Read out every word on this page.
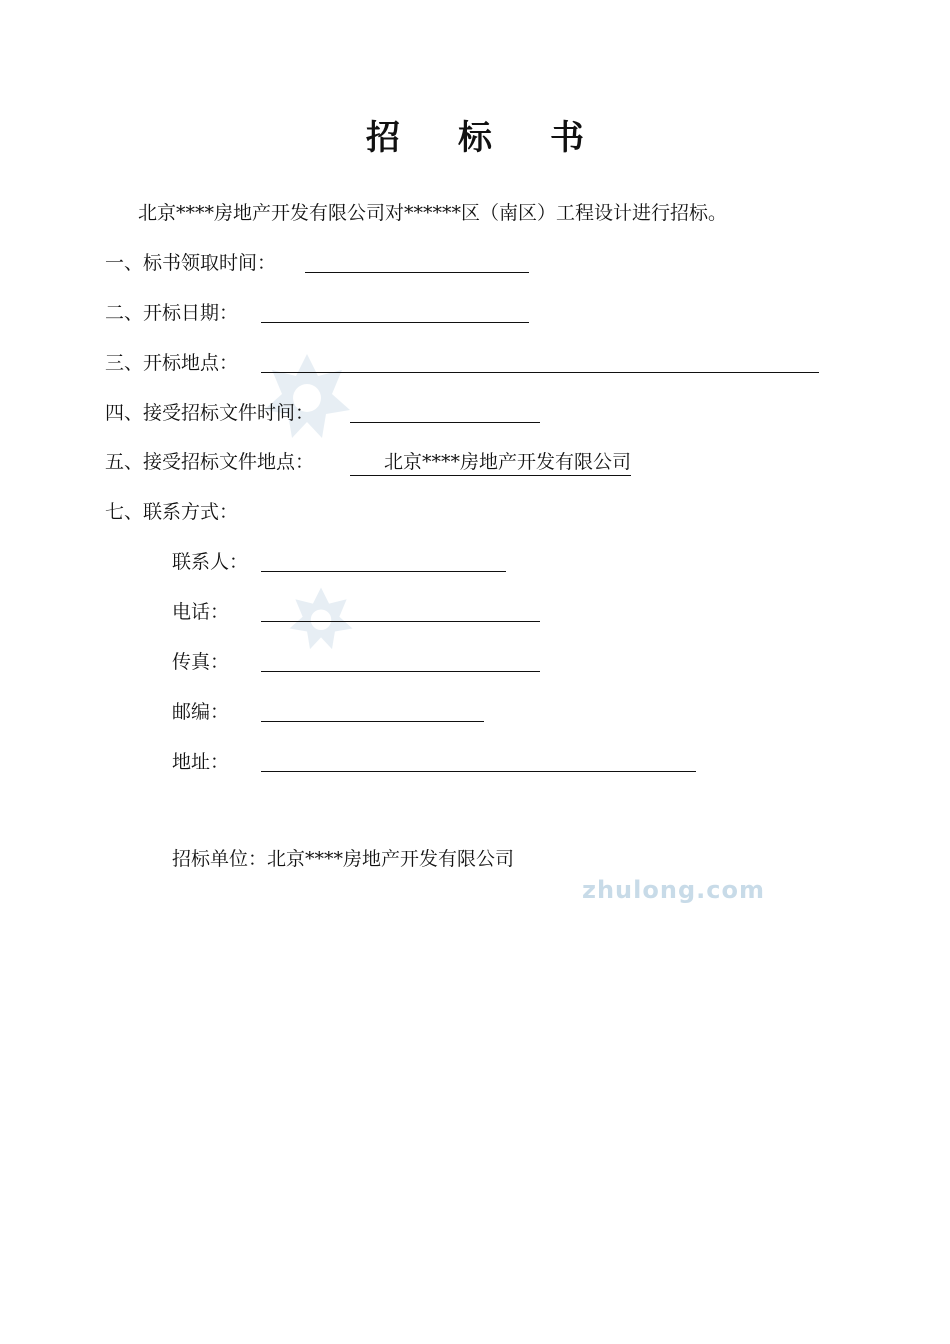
zhulong.com
招标书
北京****房地产开发有限公司对******区（南区）工程设计进行招标。
一、标书领取时间：
二、开标日期：
三、开标地点：
四、接受招标文件时间：
五、接受招标文件地点：	北京****房地产开发有限公司
七、联系方式：
联系人：
电话：
传真：
邮编：
地址：
招标单位：北京****房地产开发有限公司
